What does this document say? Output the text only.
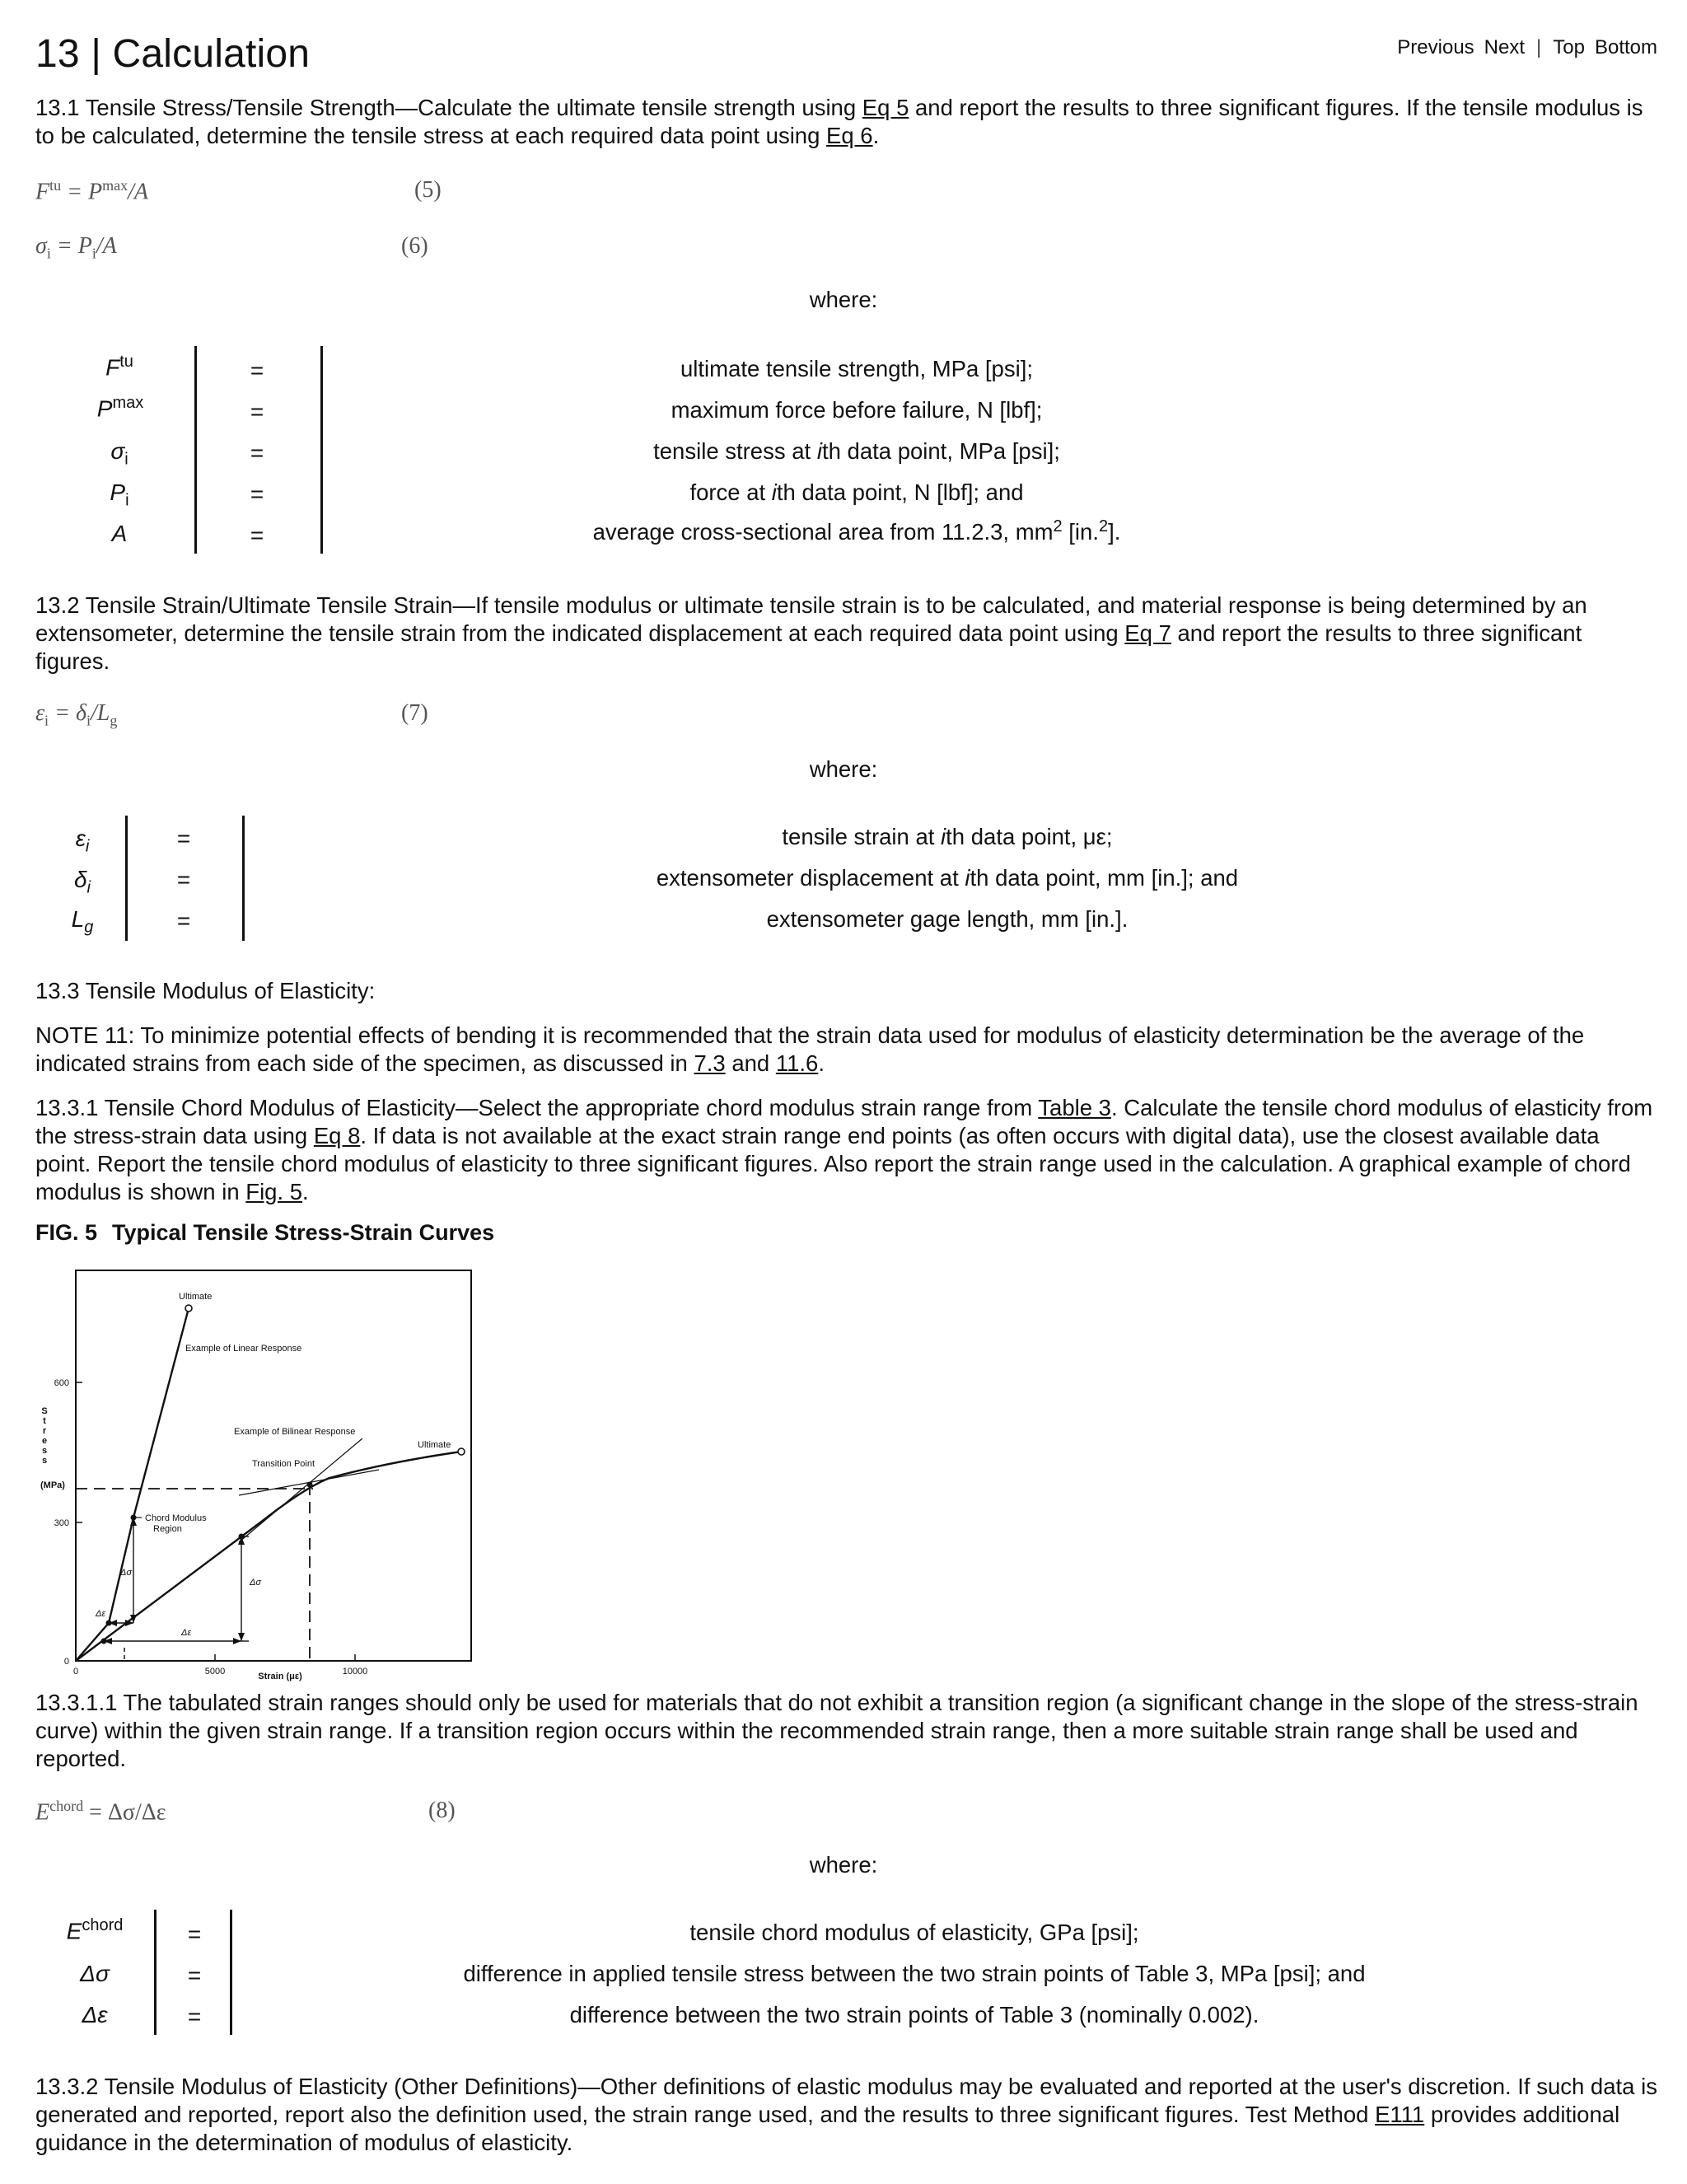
13 | Calculation	Previous Next | Top Bottom

13.1 Tensile Stress/Tensile Strength—Calculate the ultimate tensile strength using Eq 5 and report the results to three significant figures. If the tensile modulus is to be calculated, determine the tensile stress at each required data point using Eq 6.

$F^{tu} = P^{max}/A$	(5)
$\sigma_i = P_i/A$	(6)
where:
$F^{tu}$	=	ultimate tensile strength, MPa [psi];
$P^{max}$	=	maximum force before failure, N [lbf];
$\sigma_i$	=	tensile stress at ith data point, MPa [psi];
$P_i$	=	force at ith data point, N [lbf]; and
A	=	average cross-sectional area from 11.2.3, $mm^2$ [in.$^2$].

13.2 Tensile Strain/Ultimate Tensile Strain—If tensile modulus or ultimate tensile strain is to be calculated, and material response is being determined by an extensometer, determine the tensile strain from the indicated displacement at each required data point using Eq 7 and report the results to three significant figures.

$\varepsilon_i = \delta_i/L_g$	(7)
where:
$\varepsilon_i$	=	tensile strain at ith data point, με;
$\delta_i$	=	extensometer displacement at ith data point, mm [in.]; and
$L_g$	=	extensometer gage length, mm [in.].

13.3 Tensile Modulus of Elasticity:

NOTE 11: To minimize potential effects of bending it is recommended that the strain data used for modulus of elasticity determination be the average of the indicated strains from each side of the specimen, as discussed in 7.3 and 11.6.

13.3.1 Tensile Chord Modulus of Elasticity—Select the appropriate chord modulus strain range from Table 3. Calculate the tensile chord modulus of elasticity from the stress-strain data using Eq 8. If data is not available at the exact strain range end points (as often occurs with digital data), use the closest available data point. Report the tensile chord modulus of elasticity to three significant figures. Also report the strain range used in the calculation. A graphical example of chord modulus is shown in Fig. 5.

FIG. 5 Typical Tensile Stress-Strain Curves

S
t
r
e
s
s
(MPa)
600
300
0
0	5000	10000
Strain (με)
Ultimate
Example of Linear Response
Example of Bilinear Response
Ultimate
Transition Point
Chord Modulus
Region
Δσ
Δε
Δσ
Δε

13.3.1.1 The tabulated strain ranges should only be used for materials that do not exhibit a transition region (a significant change in the slope of the stress-strain curve) within the given strain range. If a transition region occurs within the recommended strain range, then a more suitable strain range shall be used and reported.

$E^{chord} = \Delta\sigma/\Delta\varepsilon$	(8)
where:
$E^{chord}$	=	tensile chord modulus of elasticity, GPa [psi];
Δσ	=	difference in applied tensile stress between the two strain points of Table 3, MPa [psi]; and
Δε	=	difference between the two strain points of Table 3 (nominally 0.002).

13.3.2 Tensile Modulus of Elasticity (Other Definitions)—Other definitions of elastic modulus may be evaluated and reported at the user's discretion. If such data is generated and reported, report also the definition used, the strain range used, and the results to three significant figures. Test Method E111 provides additional guidance in the determination of modulus of elasticity.
